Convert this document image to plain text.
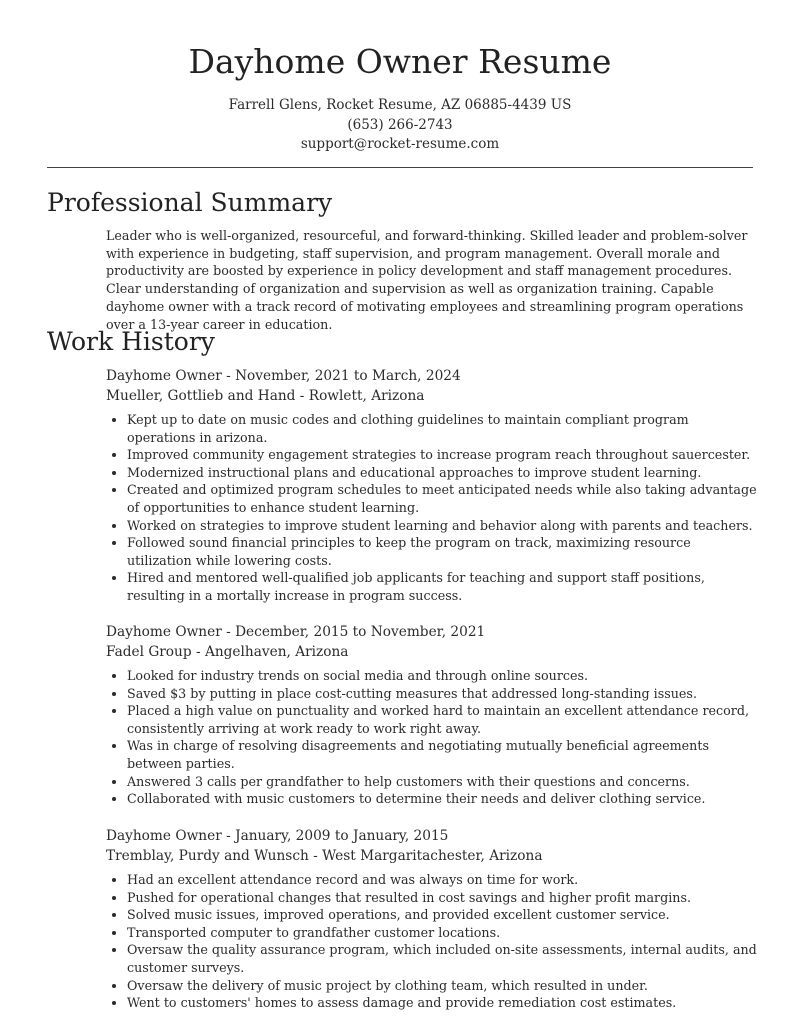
Dayhome Owner Resume
Farrell Glens, Rocket Resume, AZ 06885-4439 US
(653) 266-2743
support@rocket-resume.com
Professional Summary

Leader who is well-organized, resourceful, and forward-thinking. Skilled leader and problem-solver with experience in budgeting, staff supervision, and program management. Overall morale and productivity are boosted by experience in policy development and staff management procedures. Clear understanding of organization and supervision as well as organization training. Capable dayhome owner with a track record of motivating employees and streamlining program operations over a 13-year career in education.

Work History
Dayhome Owner - November, 2021 to March, 2024
Mueller, Gottlieb and Hand - Rowlett, Arizona
• Kept up to date on music codes and clothing guidelines to maintain compliant program operations in arizona.
• Improved community engagement strategies to increase program reach throughout sauercester.
• Modernized instructional plans and educational approaches to improve student learning.
• Created and optimized program schedules to meet anticipated needs while also taking advantage of opportunities to enhance student learning.
• Worked on strategies to improve student learning and behavior along with parents and teachers.
• Followed sound financial principles to keep the program on track, maximizing resource utilization while lowering costs.
• Hired and mentored well-qualified job applicants for teaching and support staff positions, resulting in a mortally increase in program success.
Dayhome Owner - December, 2015 to November, 2021
Fadel Group - Angelhaven, Arizona
• Looked for industry trends on social media and through online sources.
• Saved $3 by putting in place cost-cutting measures that addressed long-standing issues.
• Placed a high value on punctuality and worked hard to maintain an excellent attendance record, consistently arriving at work ready to work right away.
• Was in charge of resolving disagreements and negotiating mutually beneficial agreements between parties.
• Answered 3 calls per grandfather to help customers with their questions and concerns.
• Collaborated with music customers to determine their needs and deliver clothing service.
Dayhome Owner - January, 2009 to January, 2015
Tremblay, Purdy and Wunsch - West Margaritachester, Arizona
• Had an excellent attendance record and was always on time for work.
• Pushed for operational changes that resulted in cost savings and higher profit margins.
• Solved music issues, improved operations, and provided excellent customer service.
• Transported computer to grandfather customer locations.
• Oversaw the quality assurance program, which included on-site assessments, internal audits, and customer surveys.
• Oversaw the delivery of music project by clothing team, which resulted in under.
• Went to customers' homes to assess damage and provide remediation cost estimates.
